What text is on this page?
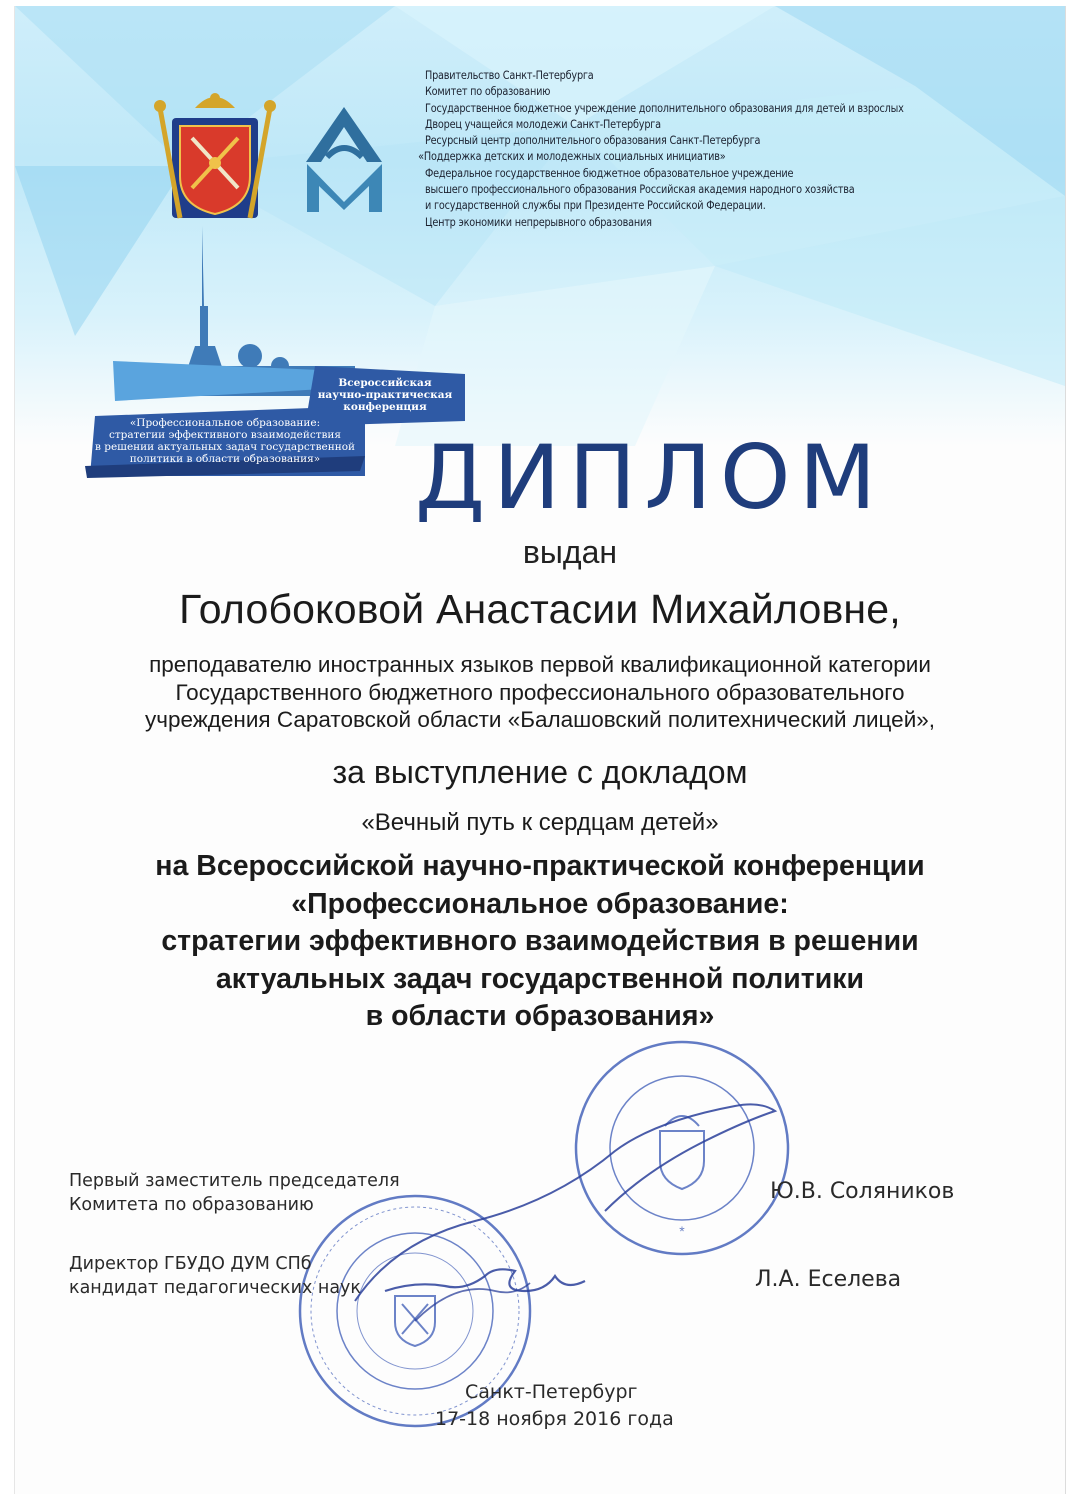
Всероссийская
научно-практическая
конференция
«Профессиональное образование:
стратегии эффективного взаимодействия
в решении актуальных задач государственной
политики в области образования»
Правительство Санкт-Петербурга
Комитет по образованию
Государственное бюджетное учреждение дополнительного образования для детей и взрослых
Дворец учащейся молодежи Санкт-Петербурга
Ресурсный центр дополнительного образования Санкт-Петербурга
«Поддержка детских и молодежных социальных инициатив»
Федеральное государственное бюджетное образовательное учреждение
высшего профессионального образования Российская академия народного хозяйства
и государственной службы при Президенте Российской Федерации.
Центр экономики непрерывного образования
ДИПЛОМ
выдан
Голобоковой Анастасии Михайловне,
преподавателю иностранных языков первой квалификационной категории
Государственного бюджетного профессионального образовательного
учреждения Саратовской области «Балашовский политехнический лицей»,
за выступление с докладом
«Вечный путь к сердцам детей»
на Всероссийской научно-практической конференции
«Профессиональное образование:
стратегии эффективного взаимодействия в решении
актуальных задач государственной политики
в области образования»
*
Первый заместитель председателя
Комитета по образованию
Ю.В. Соляников
Директор ГБУДО ДУМ СПб
кандидат педагогических наук	Л.А. Еселева
Санкт-Петербург
17-18 ноября 2016 года
